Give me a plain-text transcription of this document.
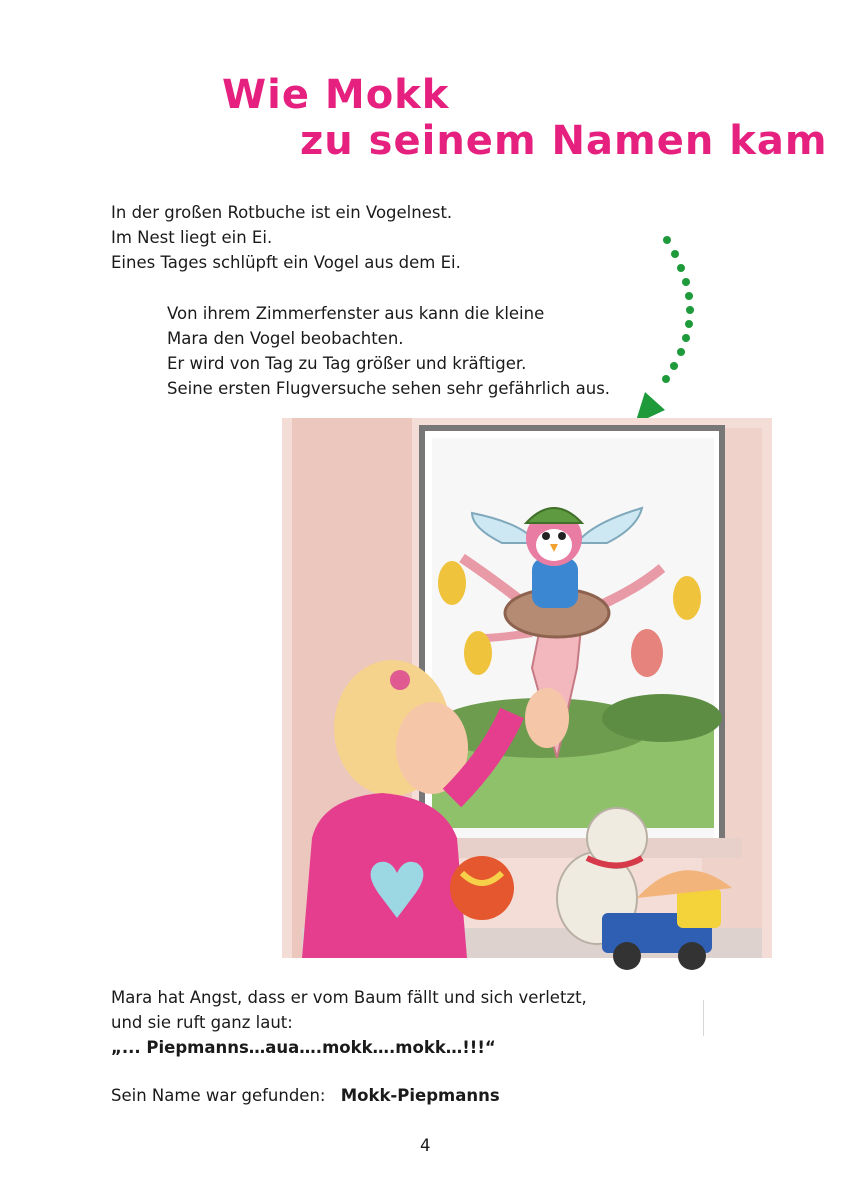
Wie Mokk
zu seinem Namen kam
In der großen Rotbuche ist ein Vogelnest.
Im Nest liegt ein Ei.
Eines Tages schlüpft ein Vogel aus dem Ei.
Von ihrem Zimmerfenster aus kann die kleine
Mara den Vogel beobachten.
Er wird von Tag zu Tag größer und kräftiger.
Seine ersten Flugversuche sehen sehr gefährlich aus.
Mara hat Angst, dass er vom Baum fällt und sich verletzt,
und sie ruft ganz laut:
„... Piepmanns…aua….mokk….mokk…!!!“
Sein Name war gefunden: Mokk-Piepmanns
4
